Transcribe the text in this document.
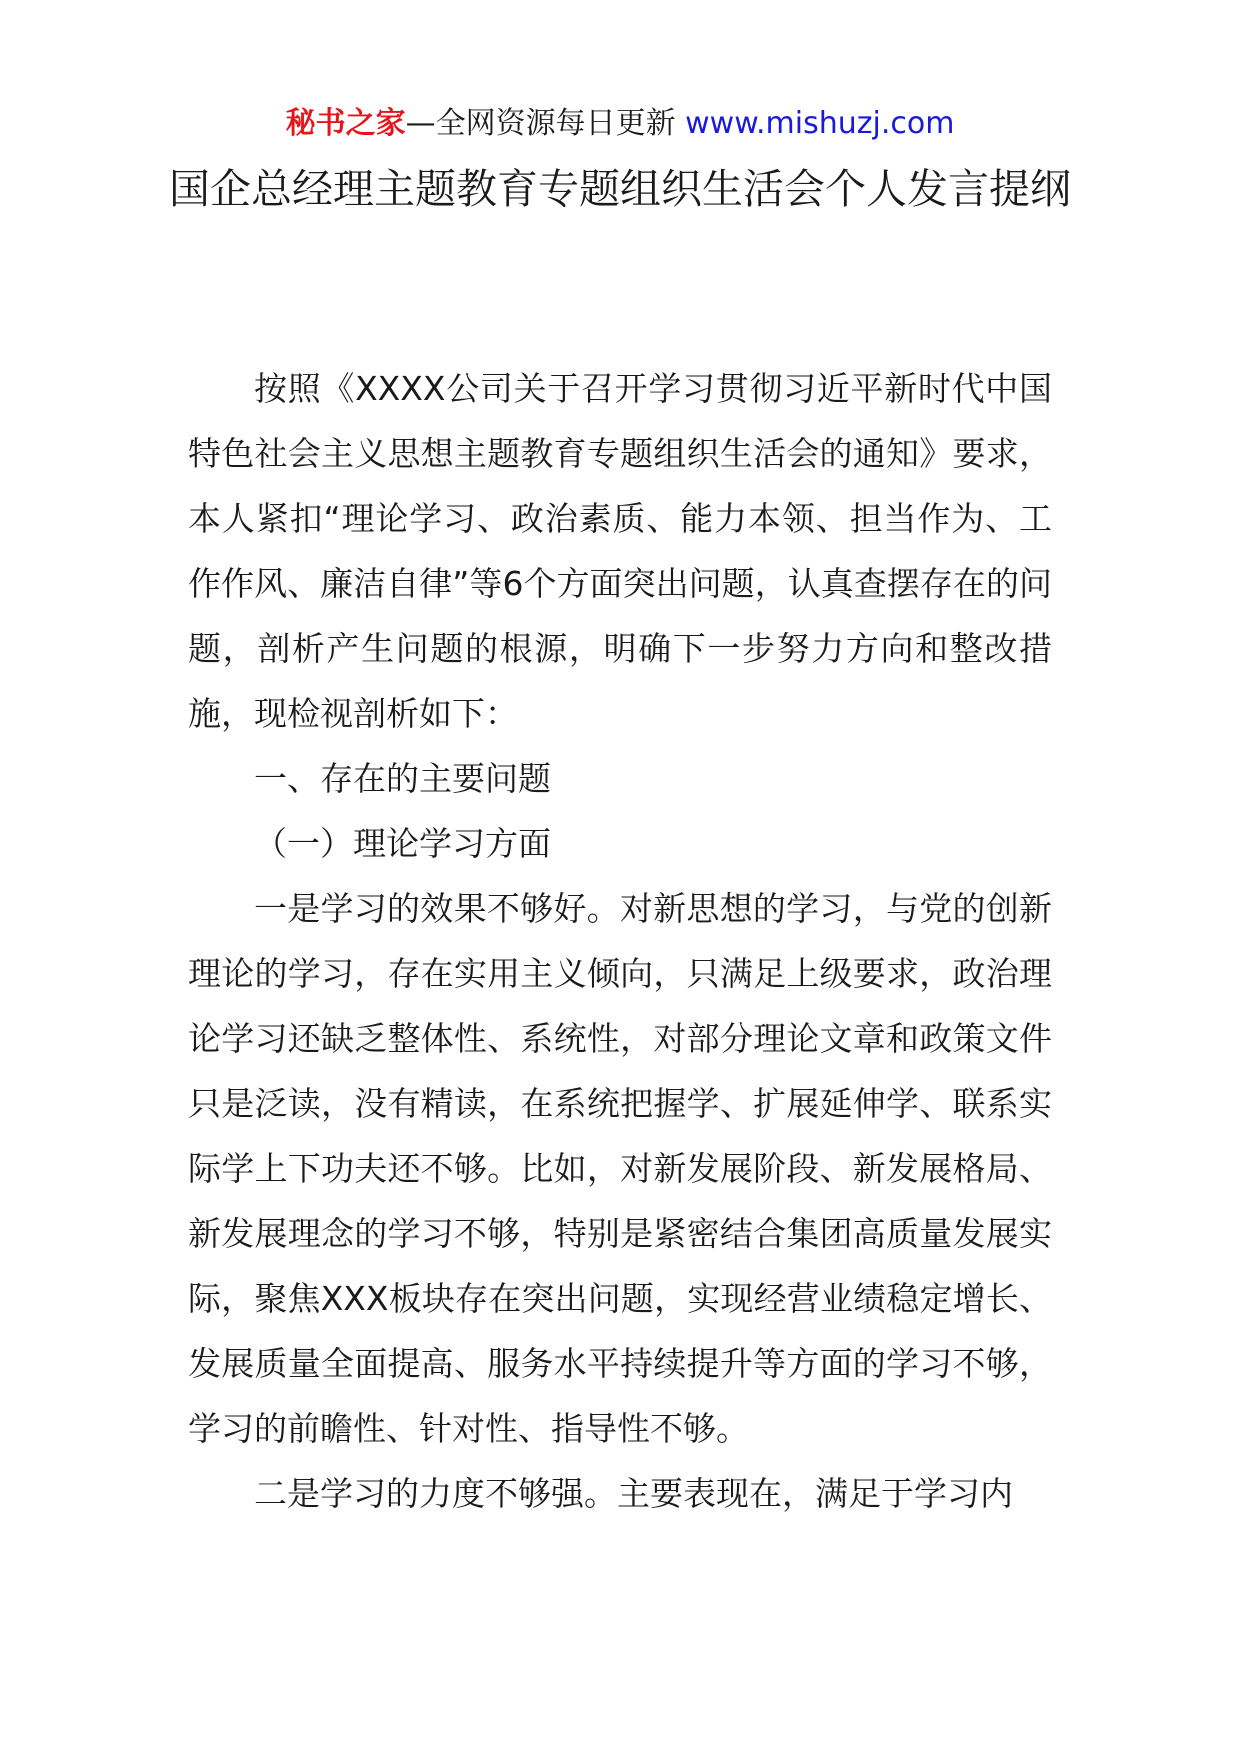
秘书之家—全网资源每日更新 www.mishuzj.com
国企总经理主题教育专题组织生活会个人发言提纲

按照《XXXX公司关于召开学习贯彻习近平新时代中国特色社会主义思想主题教育专题组织生活会的通知》要求，本人紧扣“理论学习、政治素质、能力本领、担当作为、工作作风、廉洁自律”等6个方面突出问题，认真查摆存在的问题，剖析产生问题的根源，明确下一步努力方向和整改措施，现检视剖析如下：

一、存在的主要问题

（一）理论学习方面

一是学习的效果不够好。对新思想的学习，与党的创新理论的学习，存在实用主义倾向，只满足上级要求，政治理论学习还缺乏整体性、系统性，对部分理论文章和政策文件只是泛读，没有精读，在系统把握学、扩展延伸学、联系实际学上下功夫还不够。比如，对新发展阶段、新发展格局、新发展理念的学习不够，特别是紧密结合集团高质量发展实际，聚焦XXX板块存在突出问题，实现经营业绩稳定增长、发展质量全面提高、服务水平持续提升等方面的学习不够，学习的前瞻性、针对性、指导性不够。

二是学习的力度不够强。主要表现在，满足于学习内
